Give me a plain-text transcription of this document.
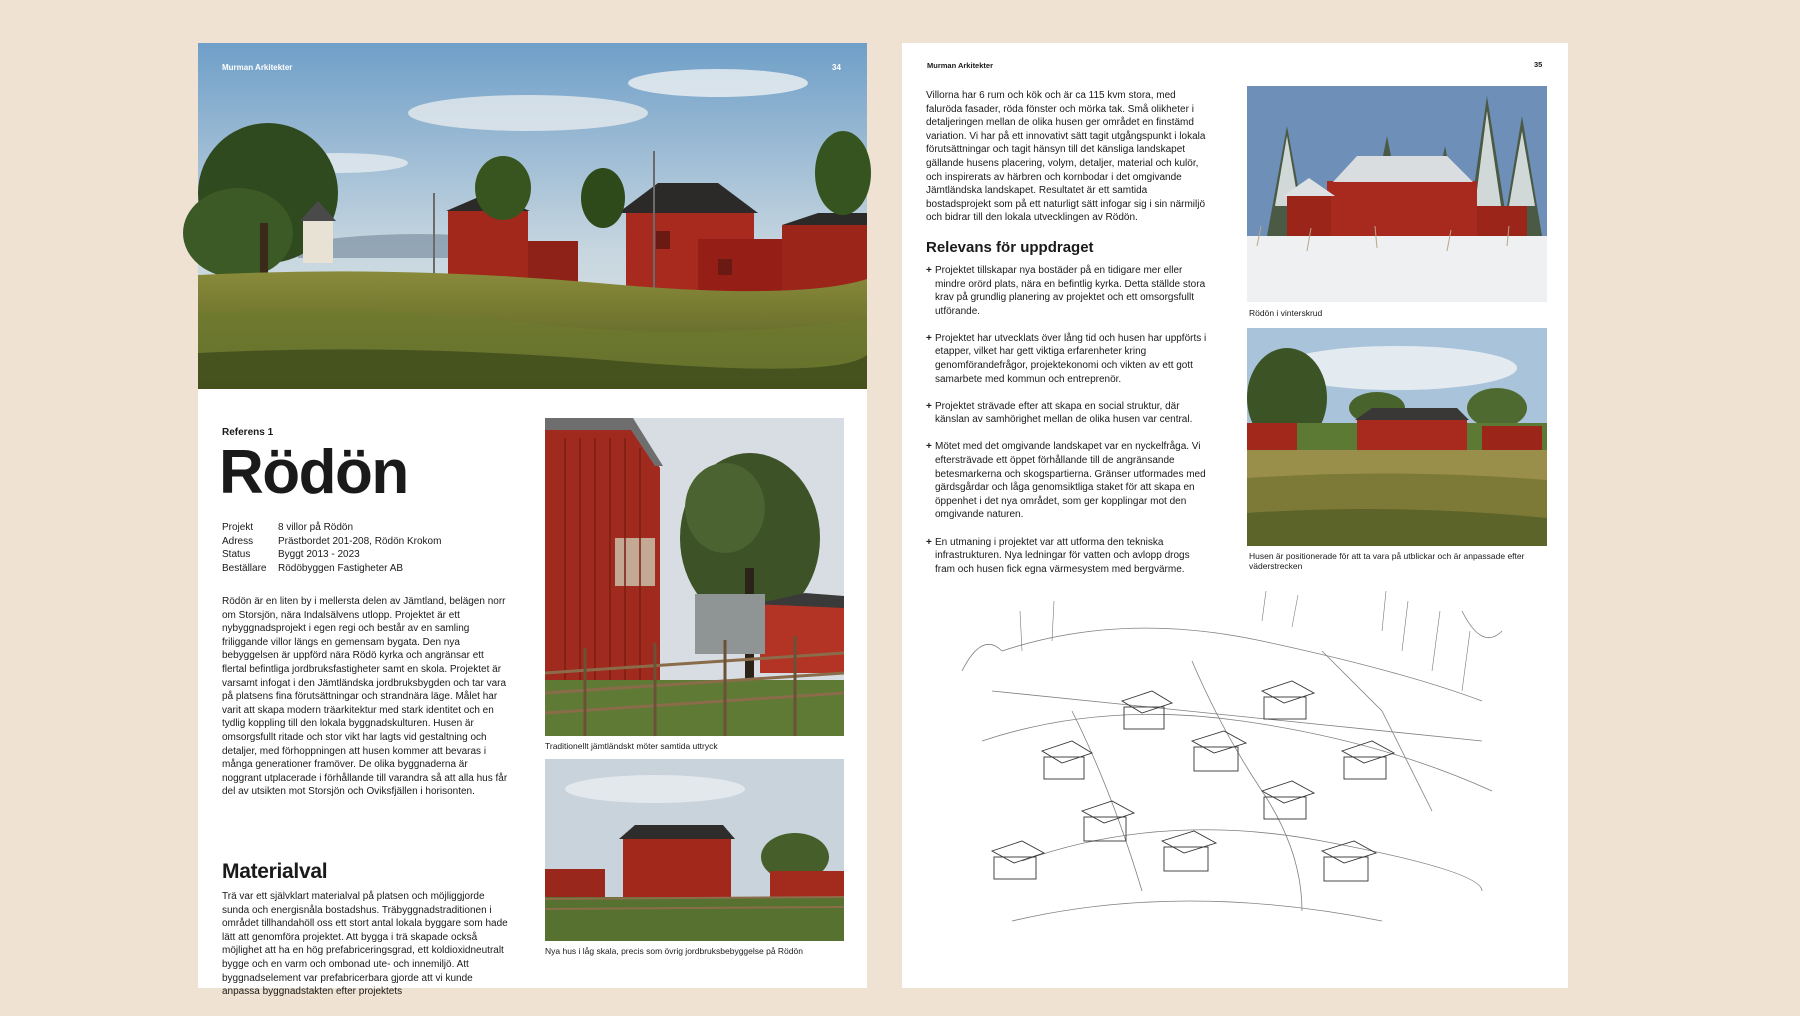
Murman Arkitekter	34
Referens 1
Rödön
Projekt	8 villor på Rödön
Adress	Prästbordet 201-208, Rödön Krokom
Status	Byggt 2013 - 2023
Beställare	Rödöbyggen Fastigheter AB
Rödön är en liten by i mellersta delen av Jämtland, belägen norr om Storsjön, nära Indalsälvens utlopp. Projektet är ett nybyggnadsprojekt i egen regi och består av en samling friliggande villor längs en gemensam bygata. Den nya bebyggelsen är uppförd nära Rödö kyrka och angränsar ett flertal befintliga jordbruksfastigheter samt en skola. Projektet är varsamt infogat i den Jämtländska jordbruksbygden och tar vara på platsens fina förutsättningar och strandnära läge. Målet har varit att skapa modern träarkitektur med stark identitet och en tydlig koppling till den lokala byggnadskulturen. Husen är omsorgsfullt ritade och stor vikt har lagts vid gestaltning och detaljer, med förhoppningen att husen kommer att bevaras i många generationer framöver. De olika byggnaderna är noggrant utplacerade i förhållande till varandra så att alla hus får del av utsikten mot Storsjön och Oviksfjällen i horisonten.
Materialval
Trä var ett självklart materialval på platsen och möjliggjorde sunda och energisnåla bostadshus. Träbyggnadstraditionen i området tillhandahöll oss ett stort antal lokala byggare som hade lätt att genomföra projektet. Att bygga i trä skapade också möjlighet att ha en hög prefabriceringsgrad, ett koldioxidneutralt bygge och en varm och ombonad ute- och innemiljö. Att byggnadselement var prefabricerbara gjorde att vi kunde anpassa byggnadstakten efter projektets
Traditionellt jämtländskt möter samtida uttryck
Nya hus i låg skala, precis som övrig jordbruksbebyggelse på Rödön
Murman Arkitekter	35
Villorna har 6 rum och kök och är ca 115 kvm stora, med faluröda fasader, röda fönster och mörka tak. Små olikheter i detaljeringen mellan de olika husen ger området en finstämd variation. Vi har på ett innovativt sätt tagit utgångspunkt i lokala förutsättningar och tagit hänsyn till det känsliga landskapet gällande husens placering, volym, detaljer, material och kulör, och inspirerats av härbren och kornbodar i det omgivande Jämtländska landskapet. Resultatet är ett samtida bostadsprojekt som på ett naturligt sätt infogar sig i sin närmiljö och bidrar till den lokala utvecklingen av Rödön.
Relevans för uppdraget
+ Projektet tillskapar nya bostäder på en tidigare mer eller mindre orörd plats, nära en befintlig kyrka. Detta ställde stora krav på grundlig planering av projektet och ett omsorgsfullt utförande.
+ Projektet har utvecklats över lång tid och husen har uppförts i etapper, vilket har gett viktiga erfarenheter kring genomförandefrågor, projektekonomi och vikten av ett gott samarbete med kommun och entreprenör.
+ Projektet strävade efter att skapa en social struktur, där känslan av samhörighet mellan de olika husen var central.
+ Mötet med det omgivande landskapet var en nyckelfråga. Vi eftersträvade ett öppet förhållande till de angränsande betesmarkerna och skogspartierna. Gränser utformades med gärdsgårdar och låga genomsiktliga staket för att skapa en öppenhet i det nya området, som ger kopplingar mot den omgivande naturen.
+ En utmaning i projektet var att utforma den tekniska infrastrukturen. Nya ledningar för vatten och avlopp drogs fram och husen fick egna värmesystem med bergvärme.
Rödön i vinterskrud
Husen är positionerade för att ta vara på utblickar och är anpassade efter väderstrecken
